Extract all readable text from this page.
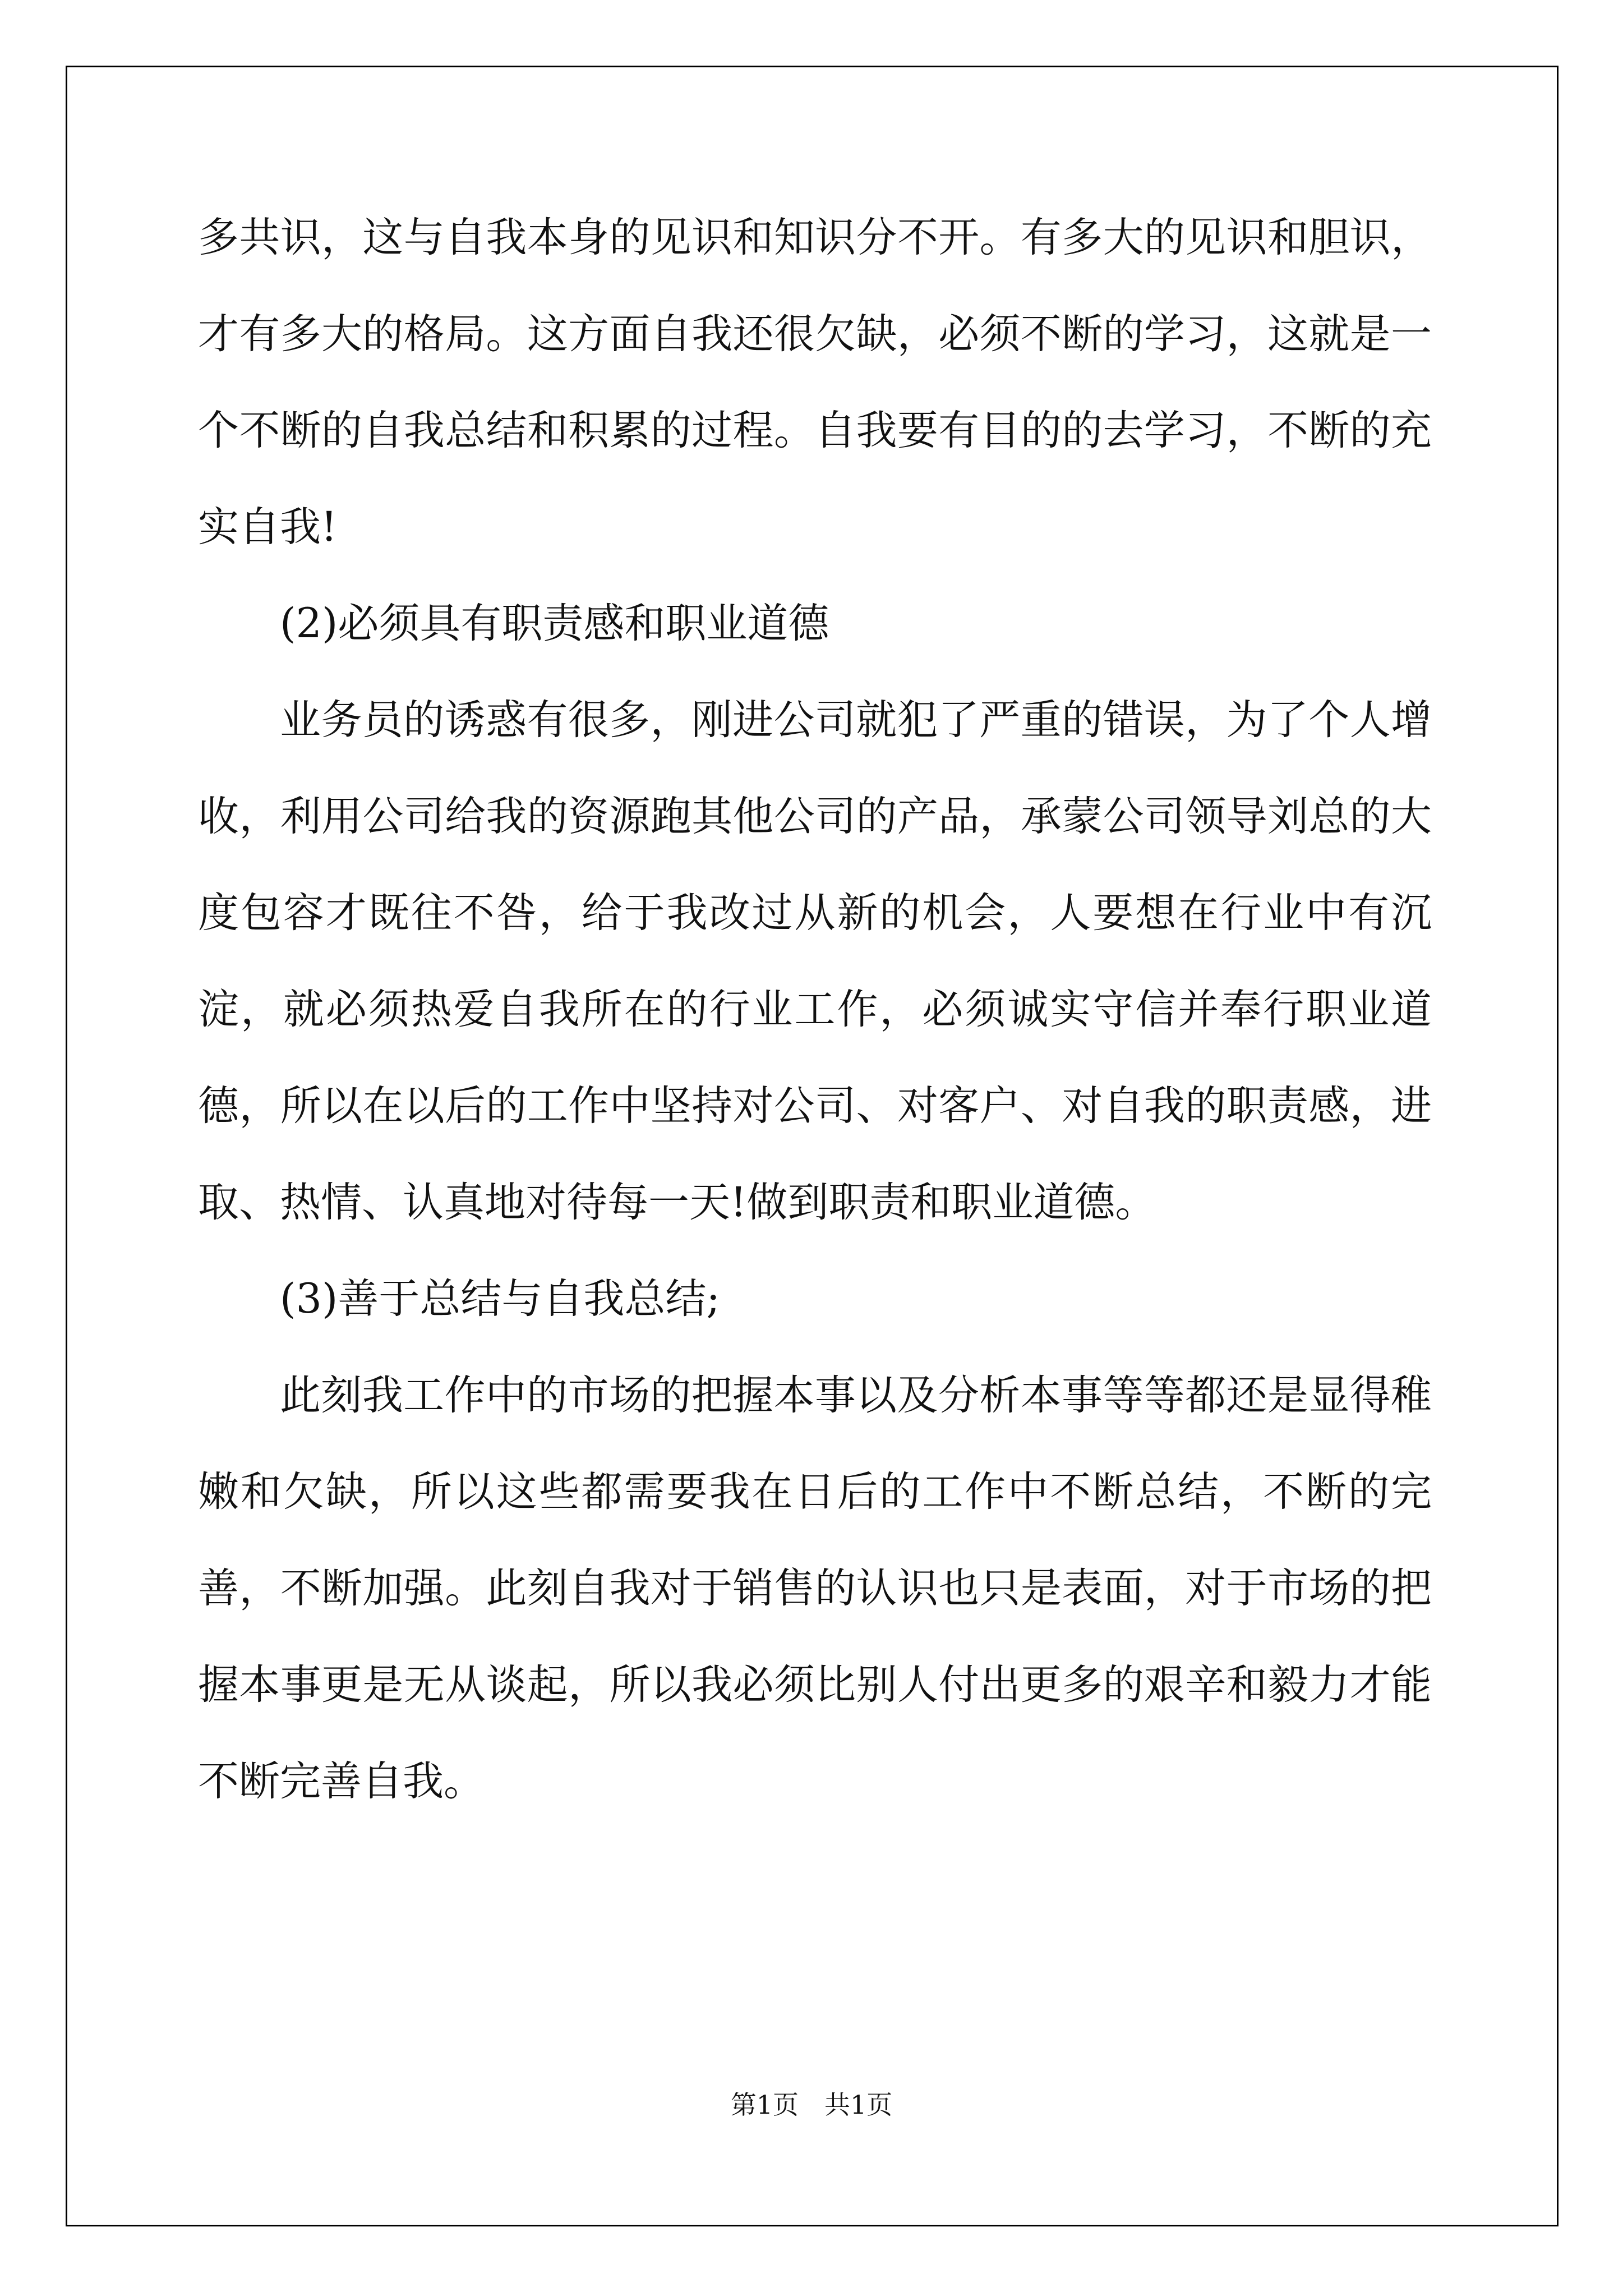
多共识，这与自我本身的见识和知识分不开。有多大的见识和胆识，才有多大的格局。这方面自我还很欠缺，必须不断的学习，这就是一个不断的自我总结和积累的过程。自我要有目的的去学习，不断的充实自我!

(2)必须具有职责感和职业道德

业务员的诱惑有很多，刚进公司就犯了严重的错误，为了个人增收，利用公司给我的资源跑其他公司的产品，承蒙公司领导刘总的大度包容才既往不咎，给于我改过从新的机会，人要想在行业中有沉淀，就必须热爱自我所在的行业工作，必须诚实守信并奉行职业道德，所以在以后的工作中坚持对公司、对客户、对自我的职责感，进取、热情、认真地对待每一天!做到职责和职业道德。

(3)善于总结与自我总结;

此刻我工作中的市场的把握本事以及分析本事等等都还是显得稚嫩和欠缺，所以这些都需要我在日后的工作中不断总结，不断的完善，不断加强。此刻自我对于销售的认识也只是表面，对于市场的把握本事更是无从谈起，所以我必须比别人付出更多的艰辛和毅力才能不断完善自我。

第1页 共1页
